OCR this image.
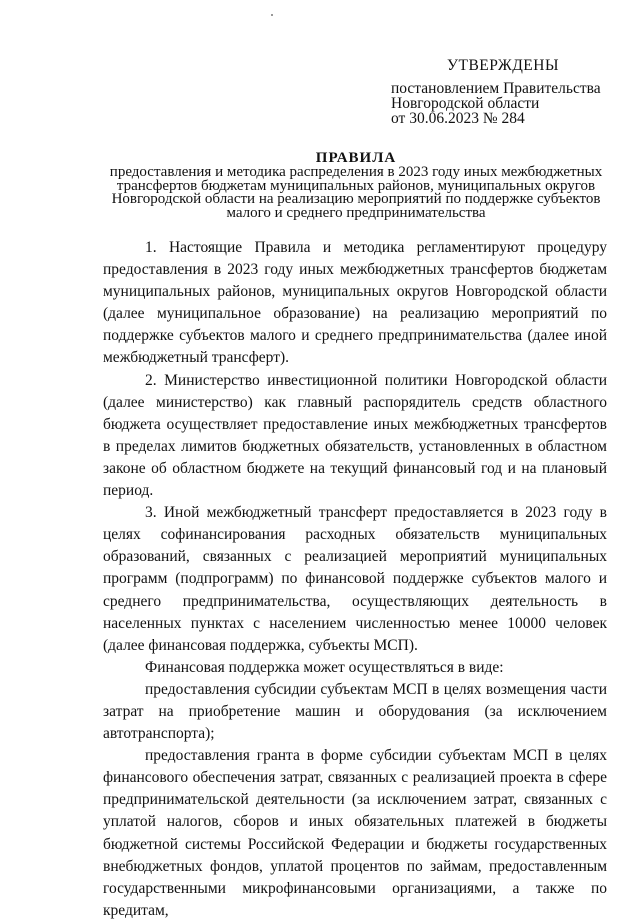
УТВЕРЖДЕНЫ
постановлением Правительства
Новгородской области
от 30.06.2023 № 284
ПРАВИЛА
предоставления и методика распределения в 2023 году иных межбюджетных трансфертов бюджетам муниципальных районов, муниципальных округов Новгородской области на реализацию мероприятий по поддержке субъектов малого и среднего предпринимательства

1. Настоящие Правила и методика регламентируют процедуру предоставления в 2023 году иных межбюджетных трансфертов бюджетам муниципальных районов, муниципальных округов Новгородской области (далее муниципальное образование) на реализацию мероприятий по поддержке субъектов малого и среднего предпринимательства (далее иной межбюджетный трансферт).

2. Министерство инвестиционной политики Новгородской области (далее министерство) как главный распорядитель средств областного бюджета осуществляет предоставление иных межбюджетных трансфертов в пределах лимитов бюджетных обязательств, установленных в областном законе об областном бюджете на текущий финансовый год и на плановый период.

3. Иной межбюджетный трансферт предоставляется в 2023 году в целях софинансирования расходных обязательств муниципальных образований, связанных с реализацией мероприятий муниципальных программ (подпрограмм) по финансовой поддержке субъектов малого и среднего предпринимательства, осуществляющих деятельность в населенных пунктах с населением численностью менее 10000 человек (далее финансовая поддержка, субъекты МСП).

Финансовая поддержка может осуществляться в виде:

предоставления субсидии субъектам МСП в целях возмещения части затрат на приобретение машин и оборудования (за исключением автотранспорта);

предоставления гранта в форме субсидии субъектам МСП в целях финансового обеспечения затрат, связанных с реализацией проекта в сфере предпринимательской деятельности (за исключением затрат, связанных с уплатой налогов, сборов и иных обязательных платежей в бюджеты бюджетной системы Российской Федерации и бюджеты государственных внебюджетных фондов, уплатой процентов по займам, предоставленным государственными микрофинансовыми организациями, а также по кредитам,
